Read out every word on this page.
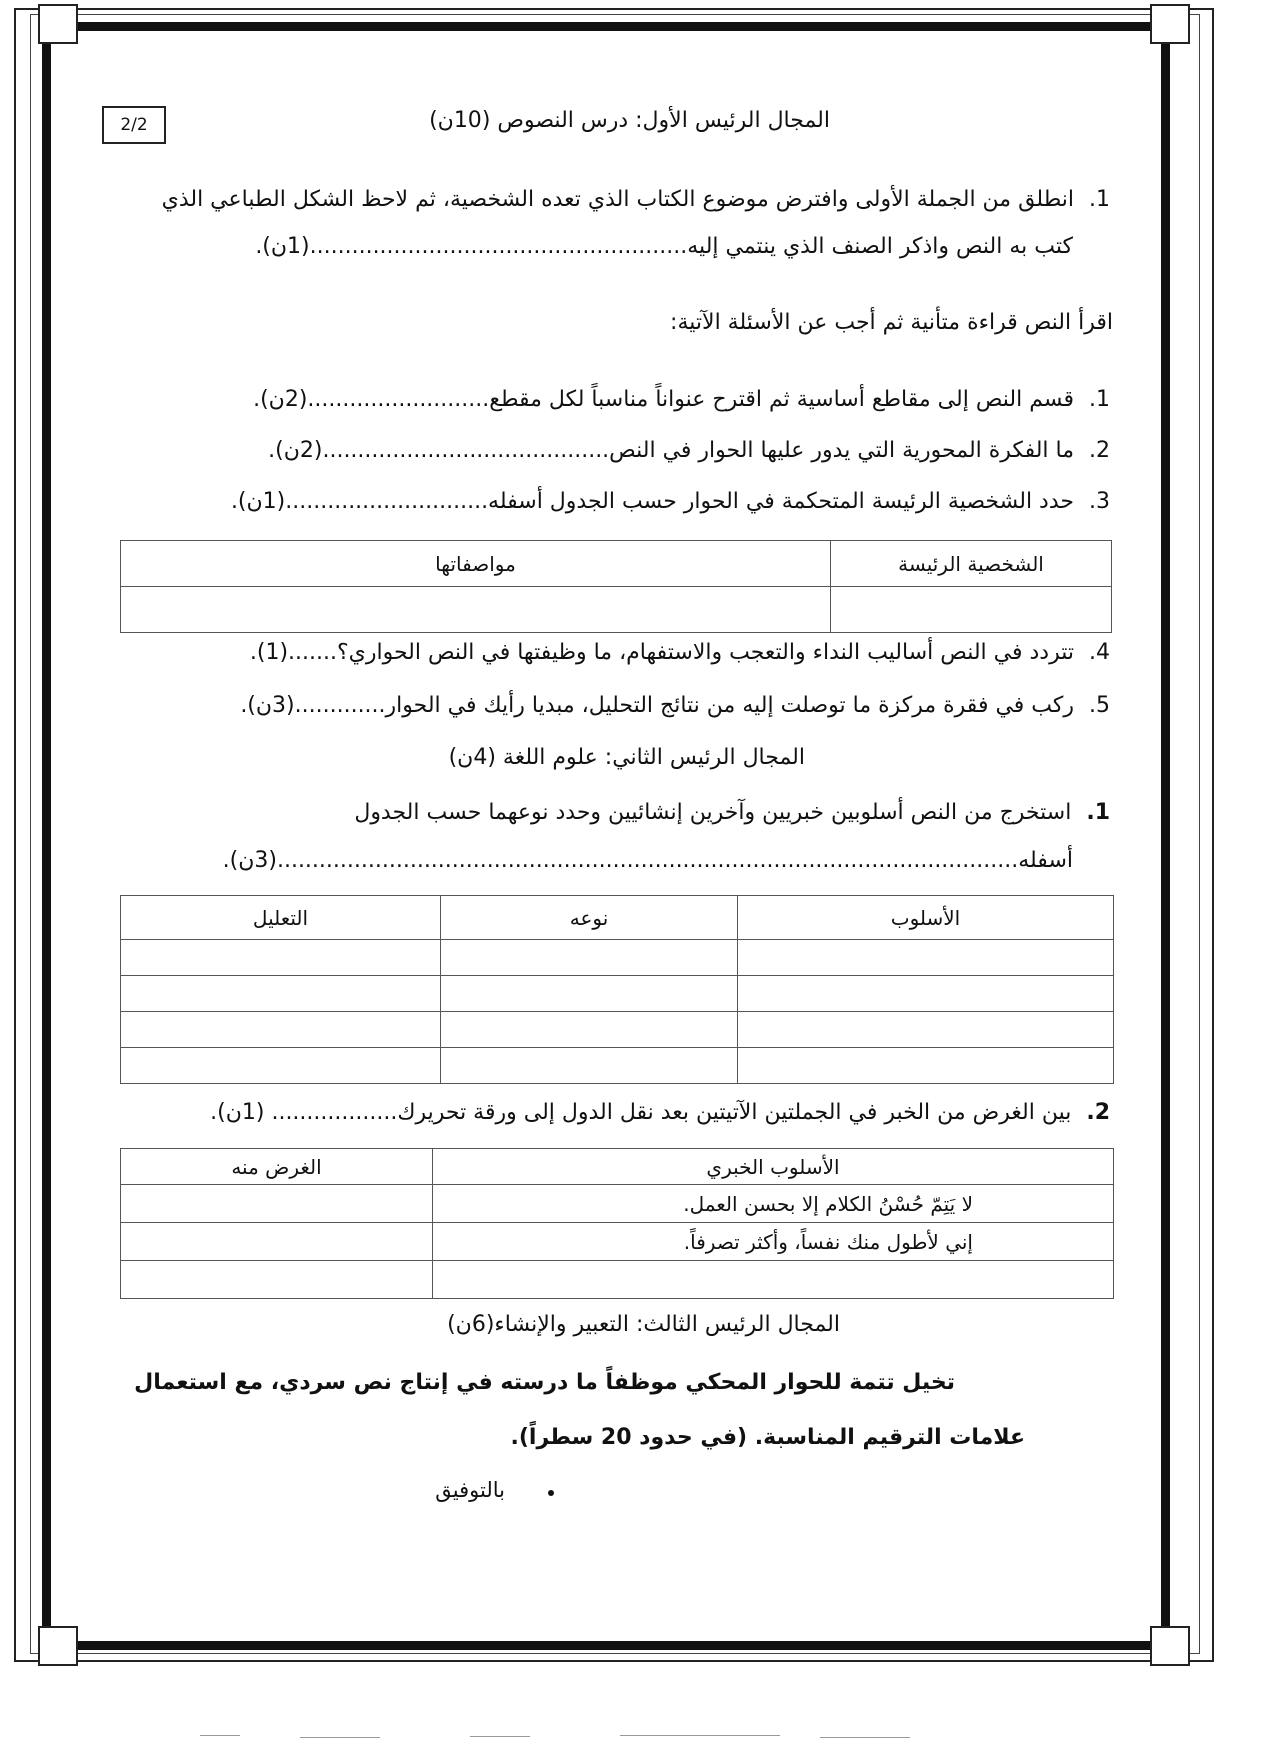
2/2	المجال الرئيس الأول: درس النصوص (10ن)
1. انطلق من الجملة الأولى وافترض موضوع الكتاب الذي تعده الشخصية، ثم لاحظ الشكل الطباعي الذي
كتب به النص واذكر الصنف الذي ينتمي إليه......................................................(1ن).
اقرأ النص قراءة متأنية ثم أجب عن الأسئلة الآتية:
1. قسم النص إلى مقاطع أساسية ثم اقترح عنواناً مناسباً لكل مقطع..........................(2ن).
2. ما الفكرة المحورية التي يدور عليها الحوار في النص.........................................(2ن).
3. حدد الشخصية الرئيسة المتحكمة في الحوار حسب الجدول أسفله.............................(1ن).
الشخصية الرئيسة	مواصفاتها

4. تتردد في النص أساليب النداء والتعجب والاستفهام، ما وظيفتها في النص الحواري؟.......(1).
5. ركب في فقرة مركزة ما توصلت إليه من نتائج التحليل، مبديا رأيك في الحوار.............(3ن).
المجال الرئيس الثاني: علوم اللغة (4ن)
1. استخرج من النص أسلوبين خبريين وآخرين إنشائيين وحدد نوعهما حسب الجدول
أسفله..........................................................................................................(3ن).
الأسلوب	نوعه	التعليل

2. بين الغرض من الخبر في الجملتين الآتيتين بعد نقل الدول إلى ورقة تحريرك.................. (1ن).
الأسلوب الخبري	الغرض منه
لا يَتِمّ حُسْنُ الكلام إلا بحسن العمل.	
إني لأطول منك نفساً، وأكثر تصرفاً.	

المجال الرئيس الثالث: التعبير والإنشاء(6ن)
تخيل تتمة للحوار المحكي موظفاً ما درسته في إنتاج نص سردي، مع استعمال
علامات الترقيم المناسبة. (في حدود 20 سطراً).
بالتوفيق
